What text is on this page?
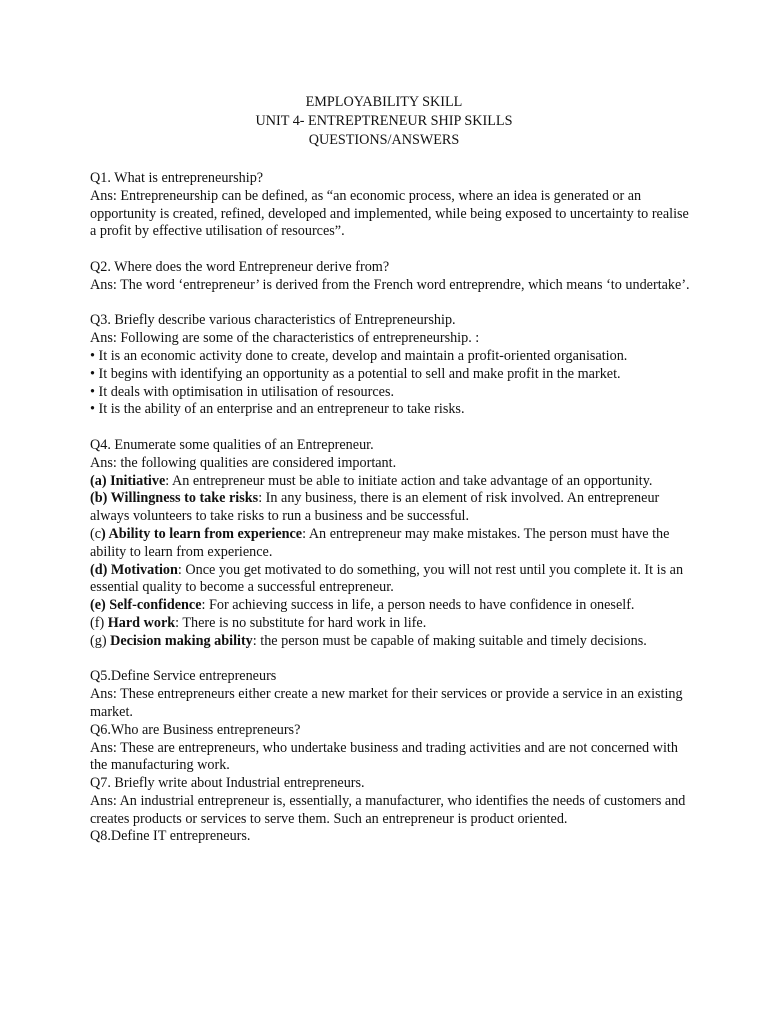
EMPLOYABILITY SKILL
UNIT 4- ENTREPTRENEUR SHIP SKILLS
QUESTIONS/ANSWERS

Q1. What is entrepreneurship?

Ans: Entrepreneurship can be defined, as “an economic process, where an idea is generated or an opportunity is created, refined, developed and implemented, while being exposed to uncertainty to realise a profit by effective utilisation of resources”.

Q2. Where does the word Entrepreneur derive from?

Ans: The word ‘entrepreneur’ is derived from the French word entreprendre, which means ‘to undertake’.

Q3. Briefly describe various characteristics of Entrepreneurship.

Ans: Following are some of the characteristics of entrepreneurship. :

• It is an economic activity done to create, develop and maintain a profit-oriented organisation.

• It begins with identifying an opportunity as a potential to sell and make profit in the market.

• It deals with optimisation in utilisation of resources.

• It is the ability of an enterprise and an entrepreneur to take risks.

Q4. Enumerate some qualities of an Entrepreneur.

Ans: the following qualities are considered important.

(a) Initiative: An entrepreneur must be able to initiate action and take advantage of an opportunity.

(b) Willingness to take risks: In any business, there is an element of risk involved. An entrepreneur always volunteers to take risks to run a business and be successful.

(c) Ability to learn from experience: An entrepreneur may make mistakes. The person must have the ability to learn from experience.

(d) Motivation: Once you get motivated to do something, you will not rest until you complete it. It is an essential quality to become a successful entrepreneur.

(e) Self-confidence: For achieving success in life, a person needs to have confidence in oneself.

(f) Hard work: There is no substitute for hard work in life.

(g) Decision making ability: the person must be capable of making suitable and timely decisions.

Q5.Define Service entrepreneurs

Ans: These entrepreneurs either create a new market for their services or provide a service in an existing market.

Q6.Who are Business entrepreneurs?

Ans: These are entrepreneurs, who undertake business and trading activities and are not concerned with the manufacturing work.

Q7. Briefly write about Industrial entrepreneurs.

Ans: An industrial entrepreneur is, essentially, a manufacturer, who identifies the needs of customers and creates products or services to serve them. Such an entrepreneur is product oriented.

Q8.Define IT entrepreneurs.
